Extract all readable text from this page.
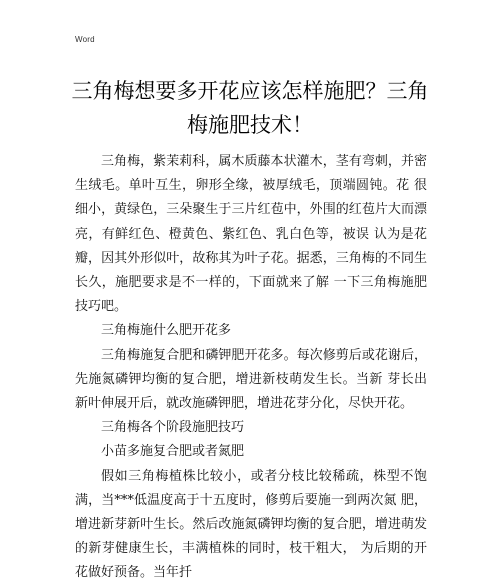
Word
三角梅想要多开花应该怎样施肥？三角梅施肥技术！

三角梅，紫茉莉科，属木质藤本状灌木，茎有弯刺，并密生绒毛。单叶互生，卵形全缘，被厚绒毛，顶端圆钝。花 很细小，黄绿色，三朵聚生于三片红苞中，外围的红苞片大而漂亮，有鲜红色、橙黄色、紫红色、乳白色等，被误 认为是花瓣，因其外形似叶，故称其为叶子花。据悉，三角梅的不同生长久，施肥要求是不一样的，下面就来了解 一下三角梅施肥技巧吧。

三角梅施什么肥开花多

三角梅施复合肥和磷钾肥开花多。每次修剪后或花谢后，先施氮磷钾均衡的复合肥，增进新枝萌发生长。当新 芽长出新叶伸展开后，就改施磷钾肥，增进花芽分化，尽快开花。

三角梅各个阶段施肥技巧

小苗多施复合肥或者氮肥

假如三角梅植株比较小，或者分枝比较稀疏，株型不饱满，当***低温度高于十五度时，修剪后要施一到两次氮 肥，增进新芽新叶生长。然后改施氮磷钾均衡的复合肥，增进萌发的新芽健康生长，丰满植株的同时，枝干粗大， 为后期的开花做好预备。当年扦
